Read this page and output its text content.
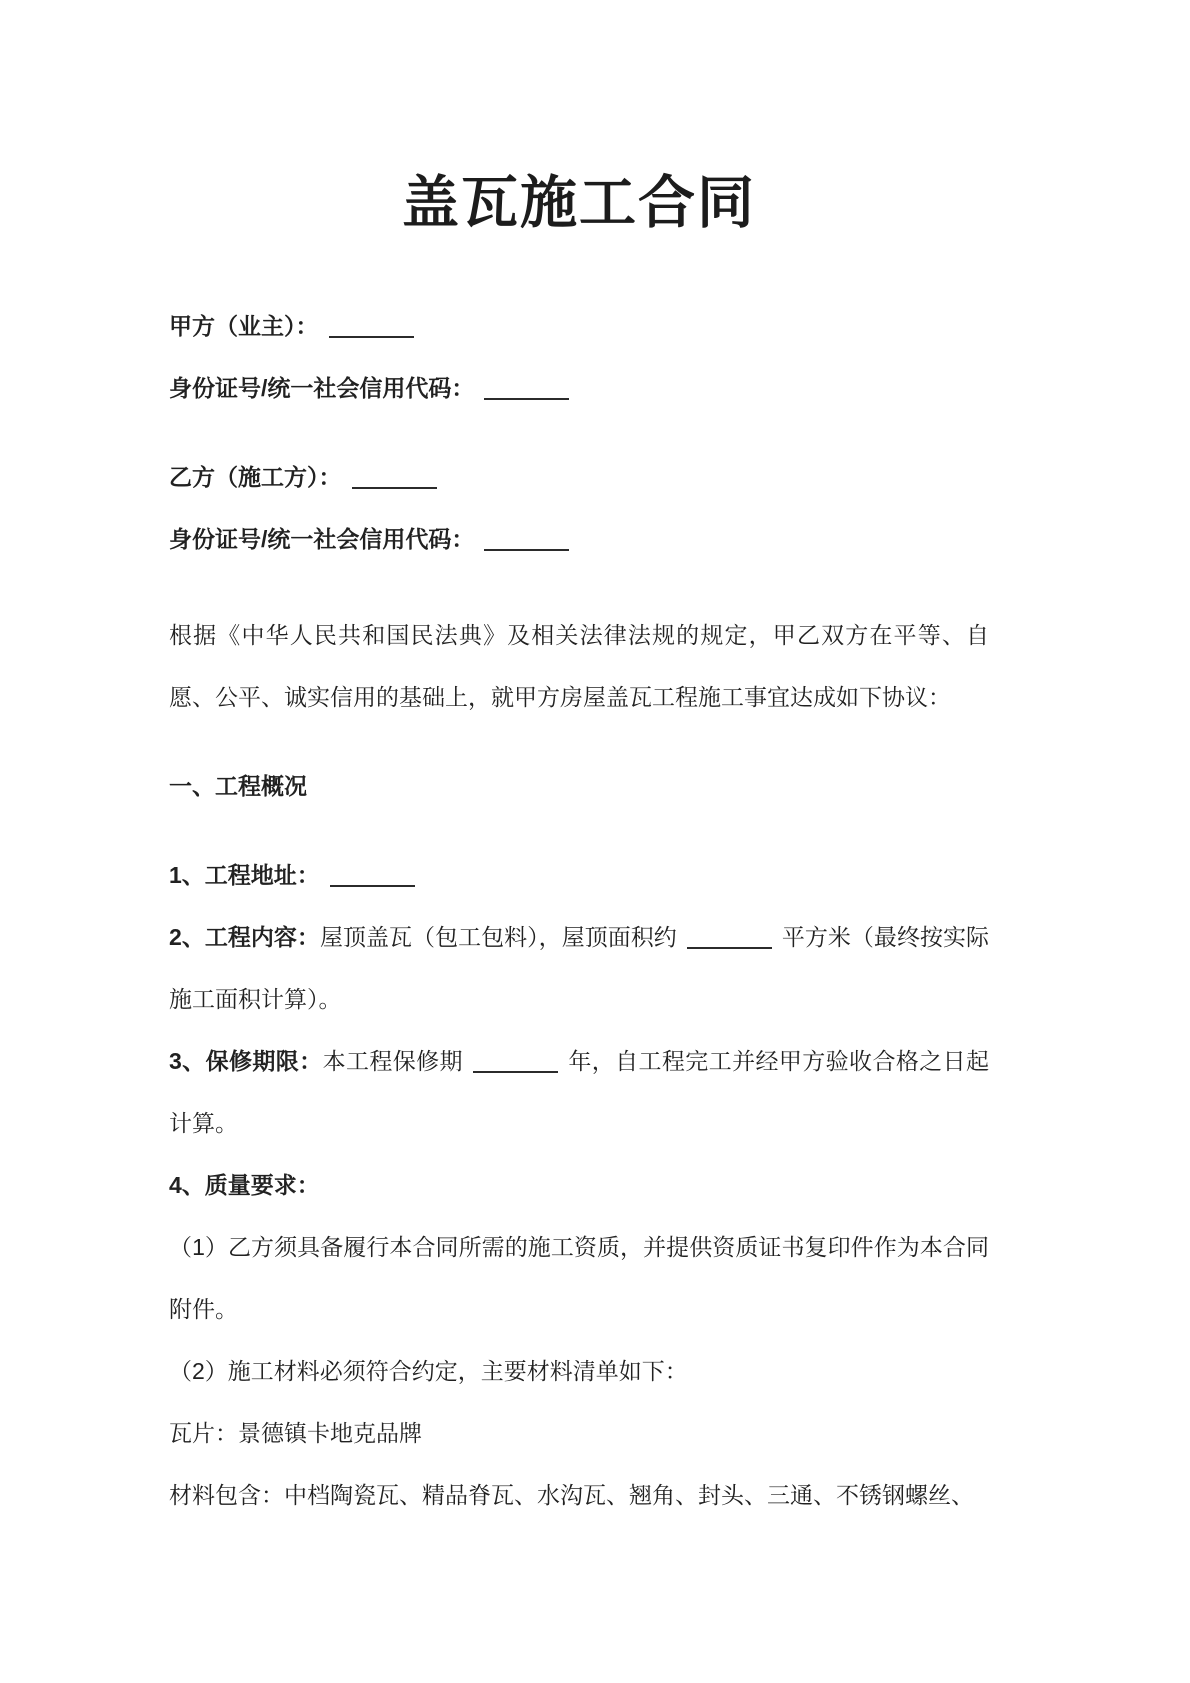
盖瓦施工合同

甲方（业主）：

身份证号/统一社会信用代码：

乙方（施工方）：

身份证号/统一社会信用代码：

根据《中华人民共和国民法典》及相关法律法规的规定，甲乙双方在平等、自愿、公平、诚实信用的基础上，就甲方房屋盖瓦工程施工事宜达成如下协议：

一、工程概况

1、工程地址：

2、工程内容：屋顶盖瓦（包工包料），屋顶面积约	平方米（最终按实际施工面积计算）。

3、保修期限：本工程保修期	年，自工程完工并经甲方验收合格之日起计算。

4、质量要求：

（1）乙方须具备履行本合同所需的施工资质，并提供资质证书复印件作为本合同附件。

（2）施工材料必须符合约定，主要材料清单如下：

瓦片：景德镇卡地克品牌

材料包含：中档陶瓷瓦、精品脊瓦、水沟瓦、翘角、封头、三通、不锈钢螺丝、
